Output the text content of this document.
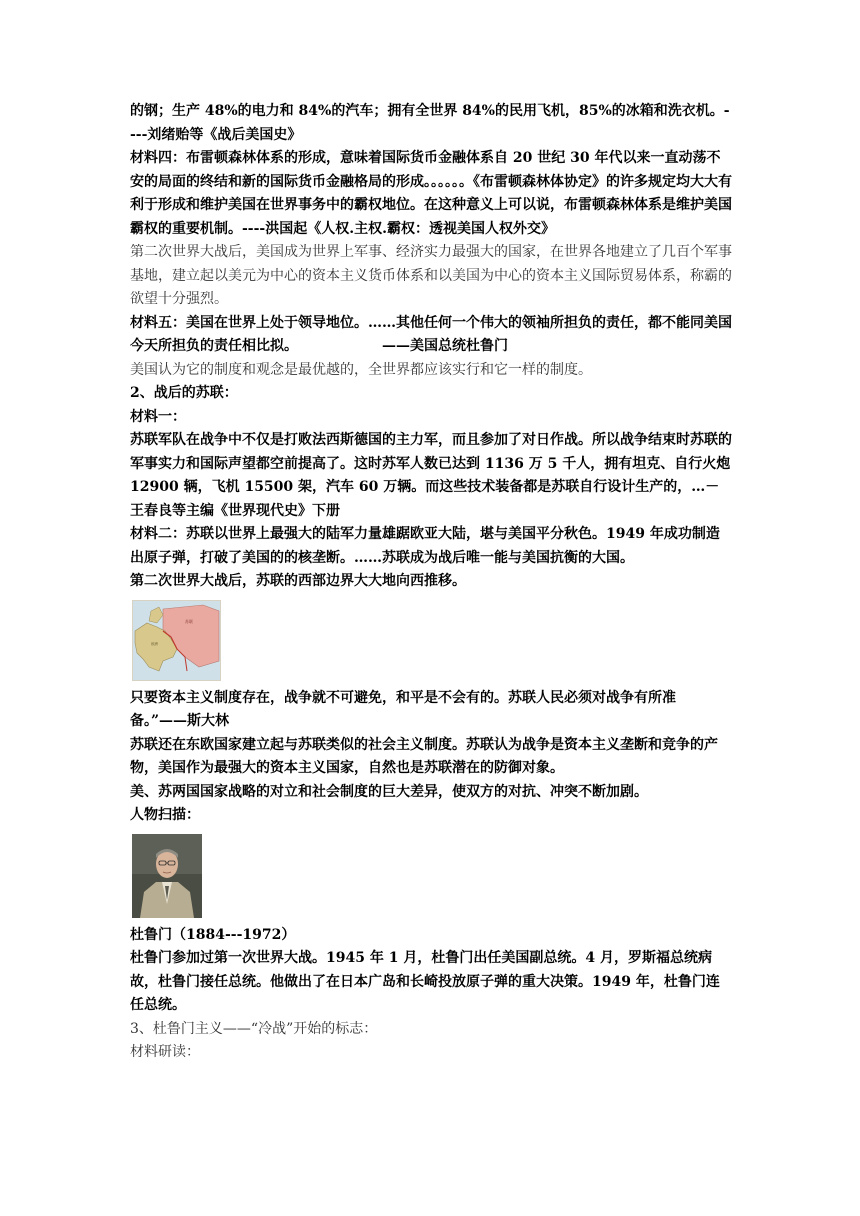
的钢；生产 48%的电力和 84%的汽车；拥有全世界 84%的民用飞机，85%的冰箱和洗衣机。----刘绪贻等《战后美国史》

材料四：布雷顿森林体系的形成，意味着国际货币金融体系自 20 世纪 30 年代以来一直动荡不安的局面的终结和新的国际货币金融格局的形成。。。。。。《布雷顿森林体协定》的许多规定均大大有利于形成和维护美国在世界事务中的霸权地位。在这种意义上可以说，布雷顿森林体系是维护美国霸权的重要机制。----洪国起《人权.主权.霸权：透视美国人权外交》

第二次世界大战后，美国成为世界上军事、经济实力最强大的国家，在世界各地建立了几百个军事基地，建立起以美元为中心的资本主义货币体系和以美国为中心的资本主义国际贸易体系，称霸的欲望十分强烈。

材料五：美国在世界上处于领导地位。……其他任何一个伟大的领袖所担负的责任，都不能同美国今天所担负的责任相比拟。	——美国总统杜鲁门

美国认为它的制度和观念是最优越的，全世界都应该实行和它一样的制度。

2、战后的苏联：

材料一：

苏联军队在战争中不仅是打败法西斯德国的主力军，而且参加了对日作战。所以战争结束时苏联的军事实力和国际声望都空前提高了。这时苏军人数已达到 1136 万 5 千人，拥有坦克、自行火炮 12900 辆，飞机 15500 架，汽车 60 万辆。而这些技术装备都是苏联自行设计生产的，…－王春良等主编《世界现代史》下册

材料二：苏联以世界上最强大的陆军力量雄踞欧亚大陆，堪与美国平分秋色。1949 年成功制造出原子弹，打破了美国的的核垄断。……苏联成为战后唯一能与美国抗衡的大国。

第二次世界大战后，苏联的西部边界大大地向西推移。

苏联
欧洲

只要资本主义制度存在，战争就不可避免，和平是不会有的。苏联人民必须对战争有所准备。”——斯大林

苏联还在东欧国家建立起与苏联类似的社会主义制度。苏联认为战争是资本主义垄断和竞争的产物，美国作为最强大的资本主义国家，自然也是苏联潜在的防御对象。

美、苏两国国家战略的对立和社会制度的巨大差异，使双方的对抗、冲突不断加剧。

人物扫描：

杜鲁门（1884---1972）

杜鲁门参加过第一次世界大战。1945 年 1 月，杜鲁门出任美国副总统。4 月，罗斯福总统病故，杜鲁门接任总统。他做出了在日本广岛和长崎投放原子弹的重大决策。1949 年，杜鲁门连任总统。

3、杜鲁门主义——“冷战”开始的标志：

材料研读：
